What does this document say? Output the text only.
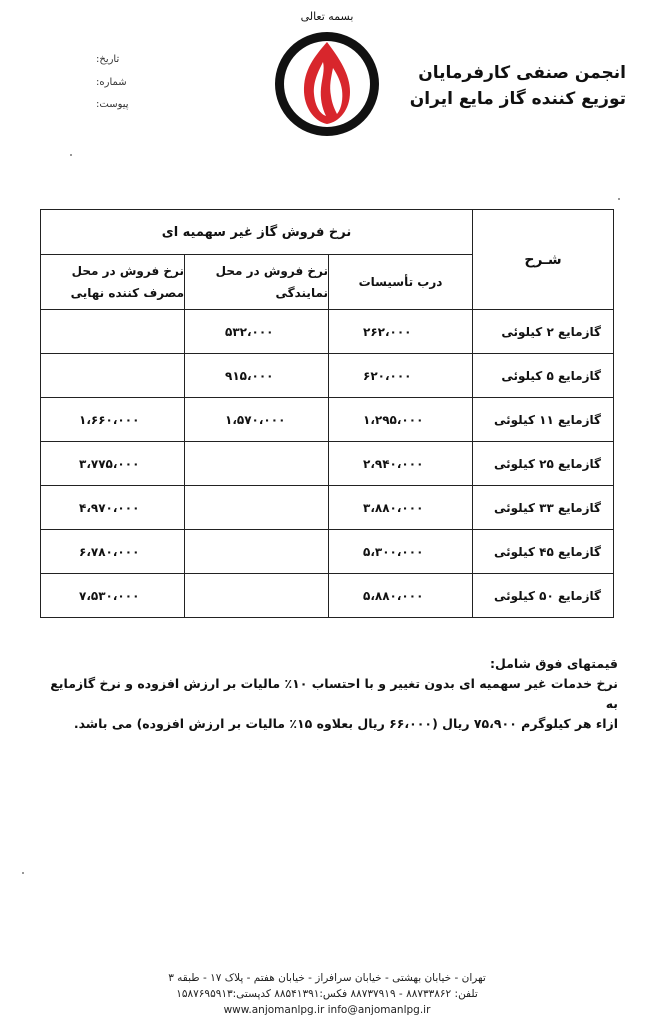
بسمه تعالی
انجمن صنفی کارفرمایان
توزیع کننده گاز مایع ایران
تاریخ:
شماره:
پیوست:
شـرح	نرخ فروش گاز غیر سهمیه ای		
	درب تأسیسات	نرخ فروش در محل نمایندگی	نرخ فروش در محل مصرف کننده نهایی
گازمایع ۲ کیلوئی	۲۶۲،۰۰۰	۵۳۲،۰۰۰	
گازمایع ۵ کیلوئی	۶۲۰،۰۰۰	۹۱۵،۰۰۰	
گازمایع ۱۱ کیلوئی	۱،۲۹۵،۰۰۰	۱،۵۷۰،۰۰۰	۱،۶۶۰،۰۰۰
گازمایع ۲۵ کیلوئی	۲،۹۴۰،۰۰۰		۳،۷۷۵،۰۰۰
گازمایع ۳۳ کیلوئی	۳،۸۸۰،۰۰۰		۴،۹۷۰،۰۰۰
گازمایع ۴۵ کیلوئی	۵،۳۰۰،۰۰۰		۶،۷۸۰،۰۰۰
گازمایع ۵۰ کیلوئی	۵،۸۸۰،۰۰۰		۷،۵۳۰،۰۰۰

قیمتهای فوق شامل:

نرخ خدمات غیر سهمیه ای بدون تغییر و با احتساب ۱۰٪ مالیات بر ارزش افزوده و نرخ گازمایع به

ازاء هر کیلوگرم ۷۵،۹۰۰ ریال (۶۶،۰۰۰ ریال بعلاوه ۱۵٪ مالیات بر ارزش افزوده) می باشد.

تهران - خیابان بهشتی - خیابان سرافراز - خیابان هفتم - پلاک ۱۷ - طبقه ۳
تلفن: ۸۸۷۳۳۸۶۲ - ۸۸۷۳۷۹۱۹ فکس:۸۸۵۴۱۳۹۱ کدپستی:۱۵۸۷۶۹۵۹۱۳
www.anjomanlpg.ir info@anjomanlpg.ir
